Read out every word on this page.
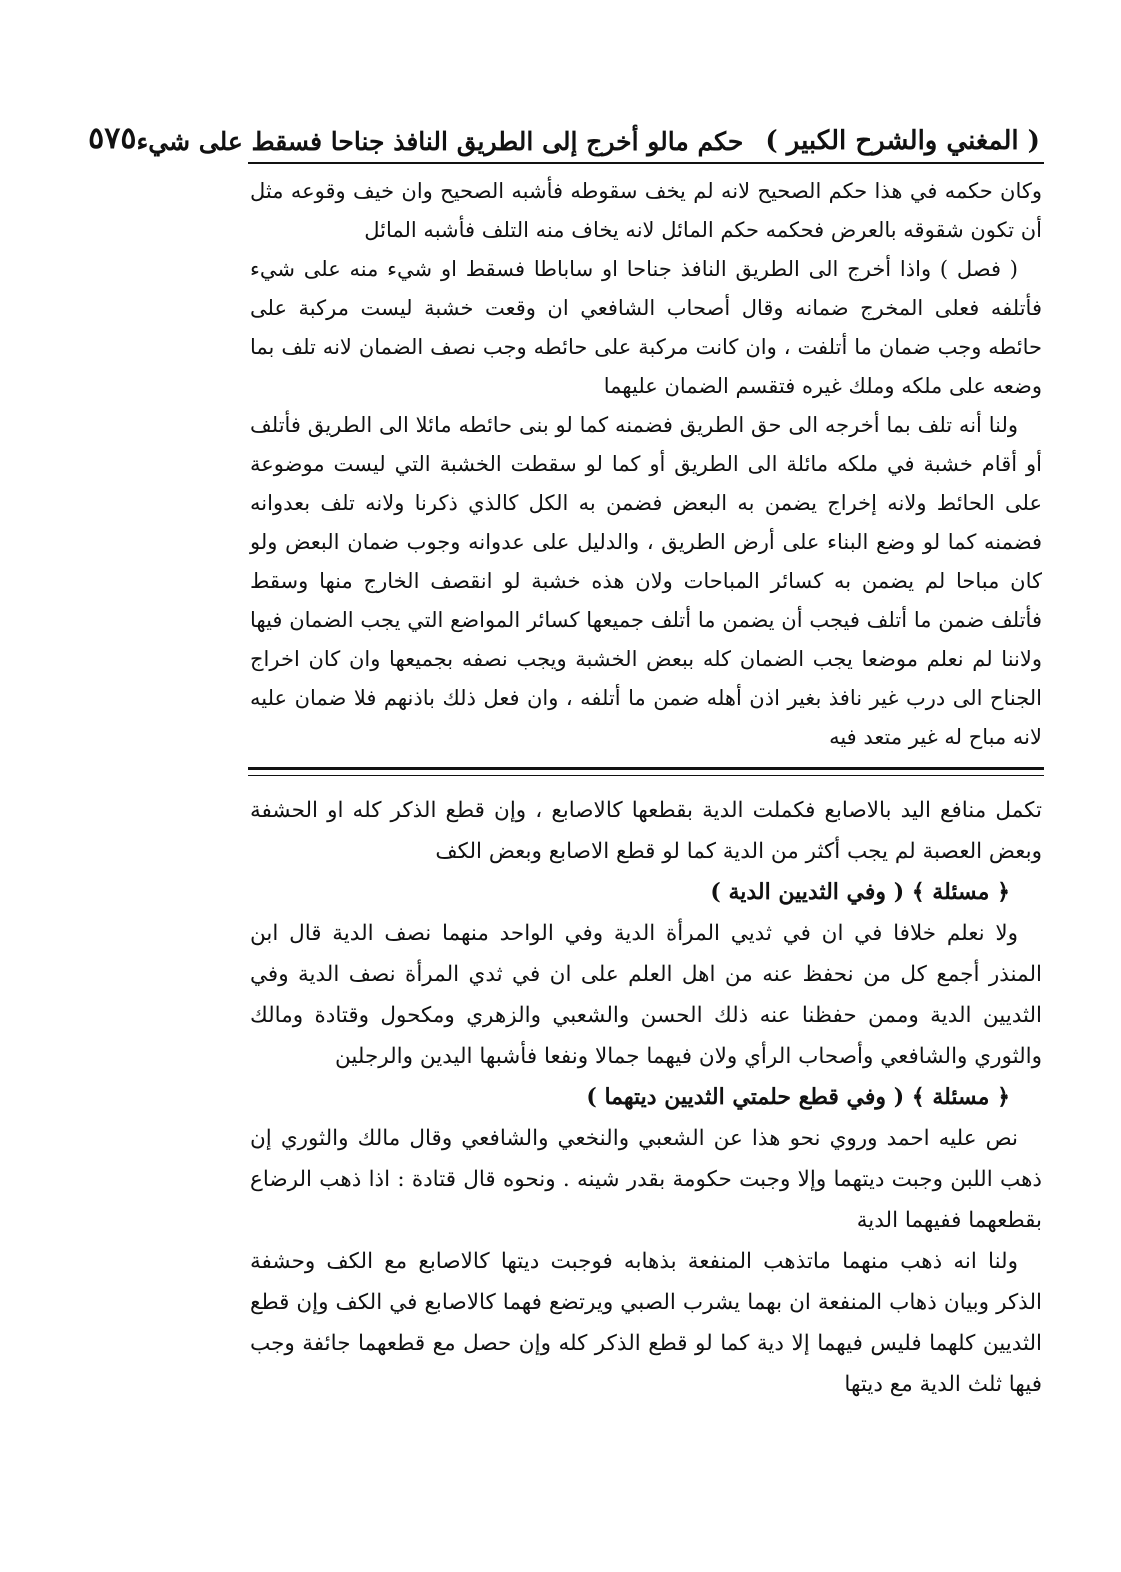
( المغني والشرح الكبير )
حكم مالو أخرج إلى الطريق النافذ جناحا فسقط على شيء
٥٧٥

وكان حكمه في هذا حكم الصحيح لانه لم يخف سقوطه فأشبه الصحيح وان خيف وقوعه مثل أن تكون شقوقه بالعرض فحكمه حكم المائل لانه يخاف منه التلف فأشبه المائل

( فصل ) واذا أخرج الى الطريق النافذ جناحا او ساباطا فسقط او شيء منه على شيء فأتلفه فعلى المخرج ضمانه وقال أصحاب الشافعي ان وقعت خشبة ليست مركبة على حائطه وجب ضمان ما أتلفت ، وان كانت مركبة على حائطه وجب نصف الضمان لانه تلف بما وضعه على ملكه وملك غيره فتقسم الضمان عليهما

ولنا أنه تلف بما أخرجه الى حق الطريق فضمنه كما لو بنى حائطه مائلا الى الطريق فأتلف أو أقام خشبة في ملكه مائلة الى الطريق أو كما لو سقطت الخشبة التي ليست موضوعة على الحائط ولانه إخراج يضمن به البعض فضمن به الكل كالذي ذكرنا ولانه تلف بعدوانه فضمنه كما لو وضع البناء على أرض الطريق ، والدليل على عدوانه وجوب ضمان البعض ولو كان مباحا لم يضمن به كسائر المباحات ولان هذه خشبة لو انقصف الخارج منها وسقط فأتلف ضمن ما أتلف فيجب أن يضمن ما أتلف جميعها كسائر المواضع التي يجب الضمان فيها ولاننا لم نعلم موضعا يجب الضمان كله ببعض الخشبة ويجب نصفه بجميعها وان كان اخراج الجناح الى درب غير نافذ بغير اذن أهله ضمن ما أتلفه ، وان فعل ذلك باذنهم فلا ضمان عليه لانه مباح له غير متعد فيه

تكمل منافع اليد بالاصابع فكملت الدية بقطعها كالاصابع ، وإن قطع الذكر كله او الحشفة وبعض العصبة لم يجب أكثر من الدية كما لو قطع الاصابع وبعض الكف

﴿ مسئلة ﴾ ( وفي الثديين الدية )

ولا نعلم خلافا في ان في ثديي المرأة الدية وفي الواحد منهما نصف الدية قال ابن المنذر أجمع كل من نحفظ عنه من اهل العلم على ان في ثدي المرأة نصف الدية وفي الثديين الدية وممن حفظنا عنه ذلك الحسن والشعبي والزهري ومكحول وقتادة ومالك والثوري والشافعي وأصحاب الرأي ولان فيهما جمالا ونفعا فأشبها اليدين والرجلين

﴿ مسئلة ﴾ ( وفي قطع حلمتي الثديين ديتهما )

نص عليه احمد وروي نحو هذا عن الشعبي والنخعي والشافعي وقال مالك والثوري إن ذهب اللبن وجبت ديتهما وإلا وجبت حكومة بقدر شينه . ونحوه قال قتادة : اذا ذهب الرضاع بقطعهما ففيهما الدية

ولنا انه ذهب منهما ماتذهب المنفعة بذهابه فوجبت ديتها كالاصابع مع الكف وحشفة الذكر وبيان ذهاب المنفعة ان بهما يشرب الصبي ويرتضع فهما كالاصابع في الكف وإن قطع الثديين كلهما فليس فيهما إلا دية كما لو قطع الذكر كله وإن حصل مع قطعهما جائفة وجب فيها ثلث الدية مع ديتها
